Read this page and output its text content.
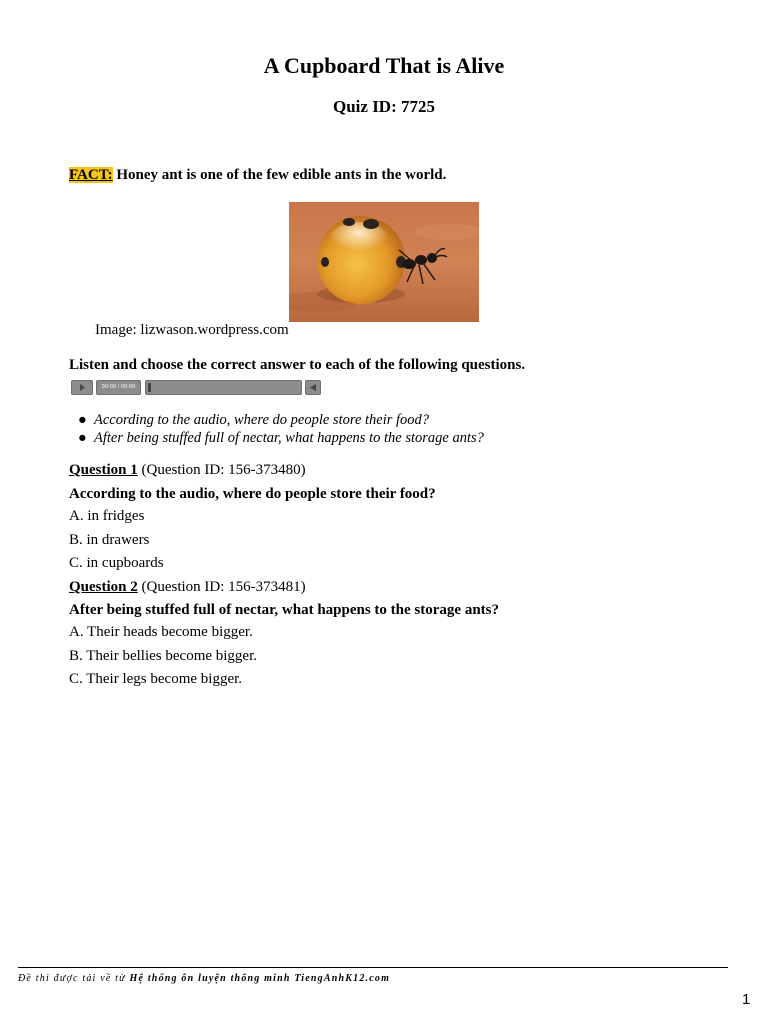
A Cupboard That is Alive
Quiz ID: 7725
FACT: Honey ant is one of the few edible ants in the world.
Image: lizwason.wordpress.com
Listen and choose the correct answer to each of the following questions.
00:00 / 00:00
● According to the audio, where do people store their food?
● After being stuffed full of nectar, what happens to the storage ants?
Question 1 (Question ID: 156-373480)
According to the audio, where do people store their food?
A. in fridges
B. in drawers
C. in cupboards
Question 2 (Question ID: 156-373481)
After being stuffed full of nectar, what happens to the storage ants?
A. Their heads become bigger.
B. Their bellies become bigger.
C. Their legs become bigger.
Đề thi được tải về từ Hệ thống ôn luyện thông minh TiengAnhK12.com
1
